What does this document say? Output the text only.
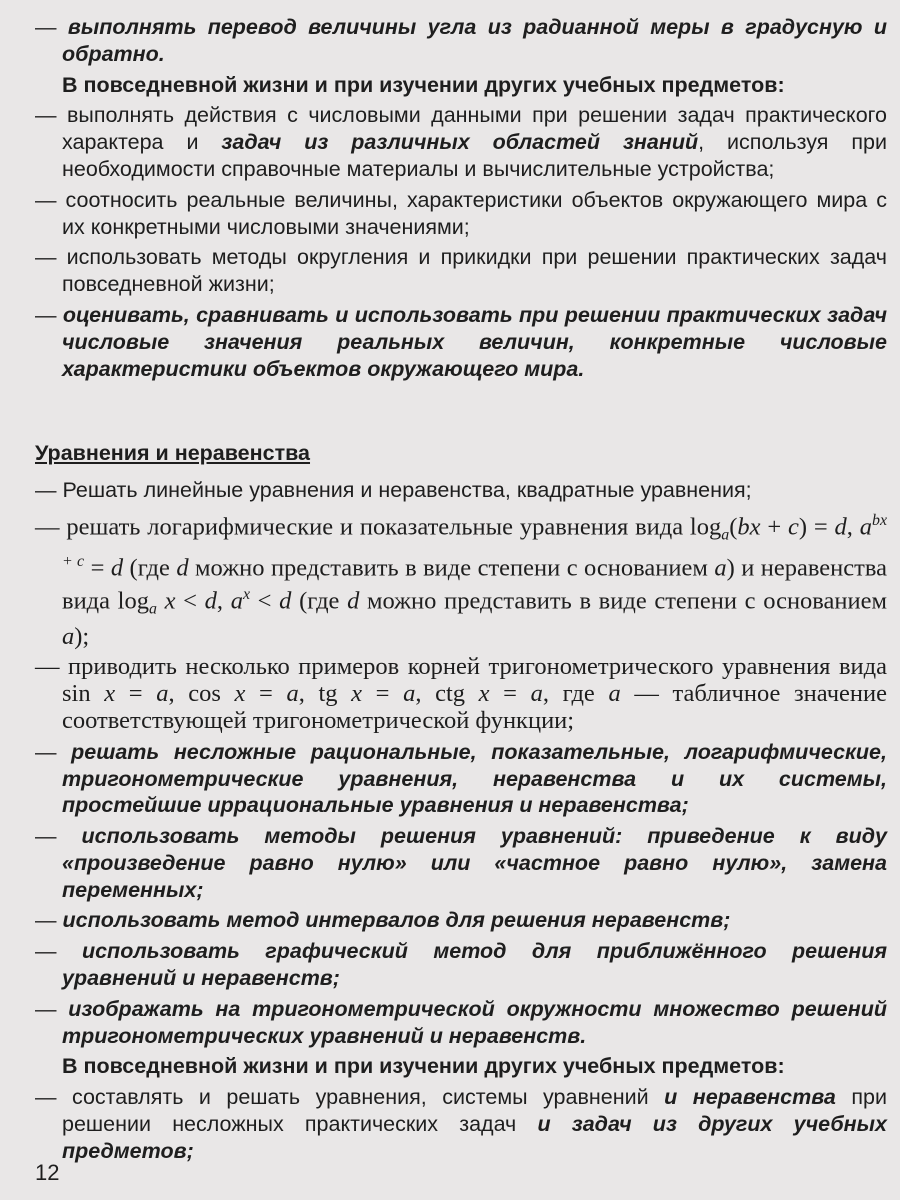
— выполнять перевод величины угла из радианной меры в градусную и обратно.

В повседневной жизни и при изучении других учебных предметов:

— выполнять действия с числовыми данными при решении задач практического характера и задач из различных областей знаний, используя при необходимости справочные материалы и вычислительные устройства;

— соотносить реальные величины, характеристики объектов окружающего мира с их конкретными числовыми значениями;

— использовать методы округления и прикидки при решении практических задач повседневной жизни;

— оценивать, сравнивать и использовать при решении практических задач числовые значения реальных величин, конкретные числовые характеристики объектов окружающего мира.

Уравнения и неравенства

— Решать линейные уравнения и неравенства, квадратные уравнения;

— решать логарифмические и показательные уравнения вида $\log_a(bx + c) = d$, $a^{bx + c} = d$ (где d можно представить в виде степени с основанием a) и неравенства вида $\log_a x < d$, $a^x < d$ (где d можно представить в виде степени с основанием a);

— приводить несколько примеров корней тригонометрического уравнения вида sin x = a, cos x = a, tg x = a, ctg x = a, где a — табличное значение соответствующей тригонометрической функции;

— решать несложные рациональные, показательные, логарифмические, тригонометрические уравнения, неравенства и их системы, простейшие иррациональные уравнения и неравенства;

— использовать методы решения уравнений: приведение к виду «произведение равно нулю» или «частное равно нулю», замена переменных;

— использовать метод интервалов для решения неравенств;

— использовать графический метод для приближённого решения уравнений и неравенств;

— изображать на тригонометрической окружности множество решений тригонометрических уравнений и неравенств.

В повседневной жизни и при изучении других учебных предметов:

— составлять и решать уравнения, системы уравнений и неравенства при решении несложных практических задач и задач из других учебных предметов;

12
